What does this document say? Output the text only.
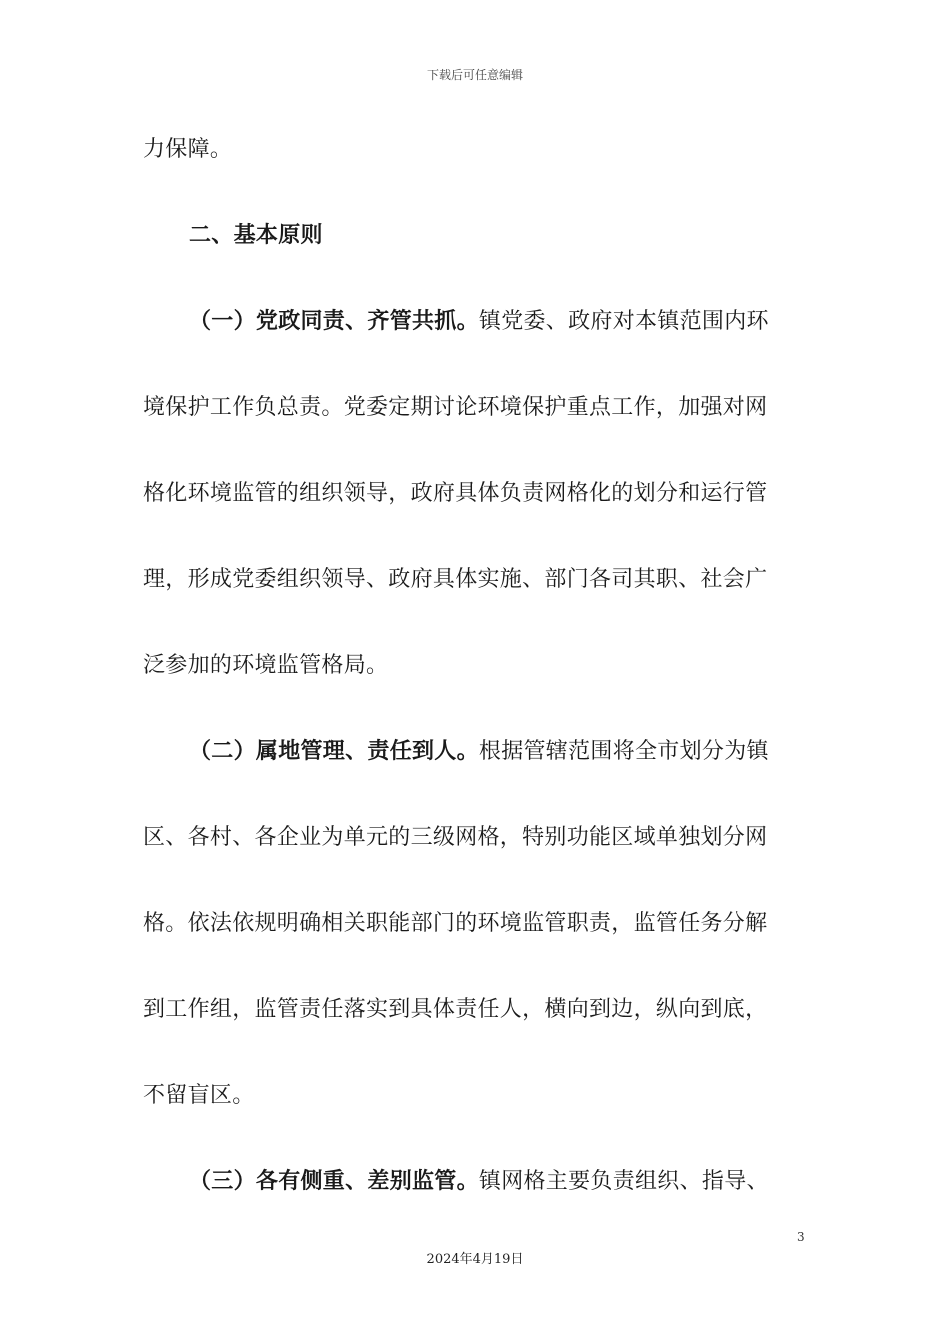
下载后可任意编辑
力保障。
二、基本原则
（一）党政同责、齐管共抓。镇党委、政府对本镇范围内环
境保护工作负总责。党委定期讨论环境保护重点工作，加强对网
格化环境监管的组织领导，政府具体负责网格化的划分和运行管
理，形成党委组织领导、政府具体实施、部门各司其职、社会广
泛参加的环境监管格局。
（二）属地管理、责任到人。根据管辖范围将全市划分为镇
区、各村、各企业为单元的三级网格，特别功能区域单独划分网
格。依法依规明确相关职能部门的环境监管职责，监管任务分解
到工作组，监管责任落实到具体责任人，横向到边，纵向到底，
不留盲区。
（三）各有侧重、差别监管。镇网格主要负责组织、指导、
3
2024年4月19日
